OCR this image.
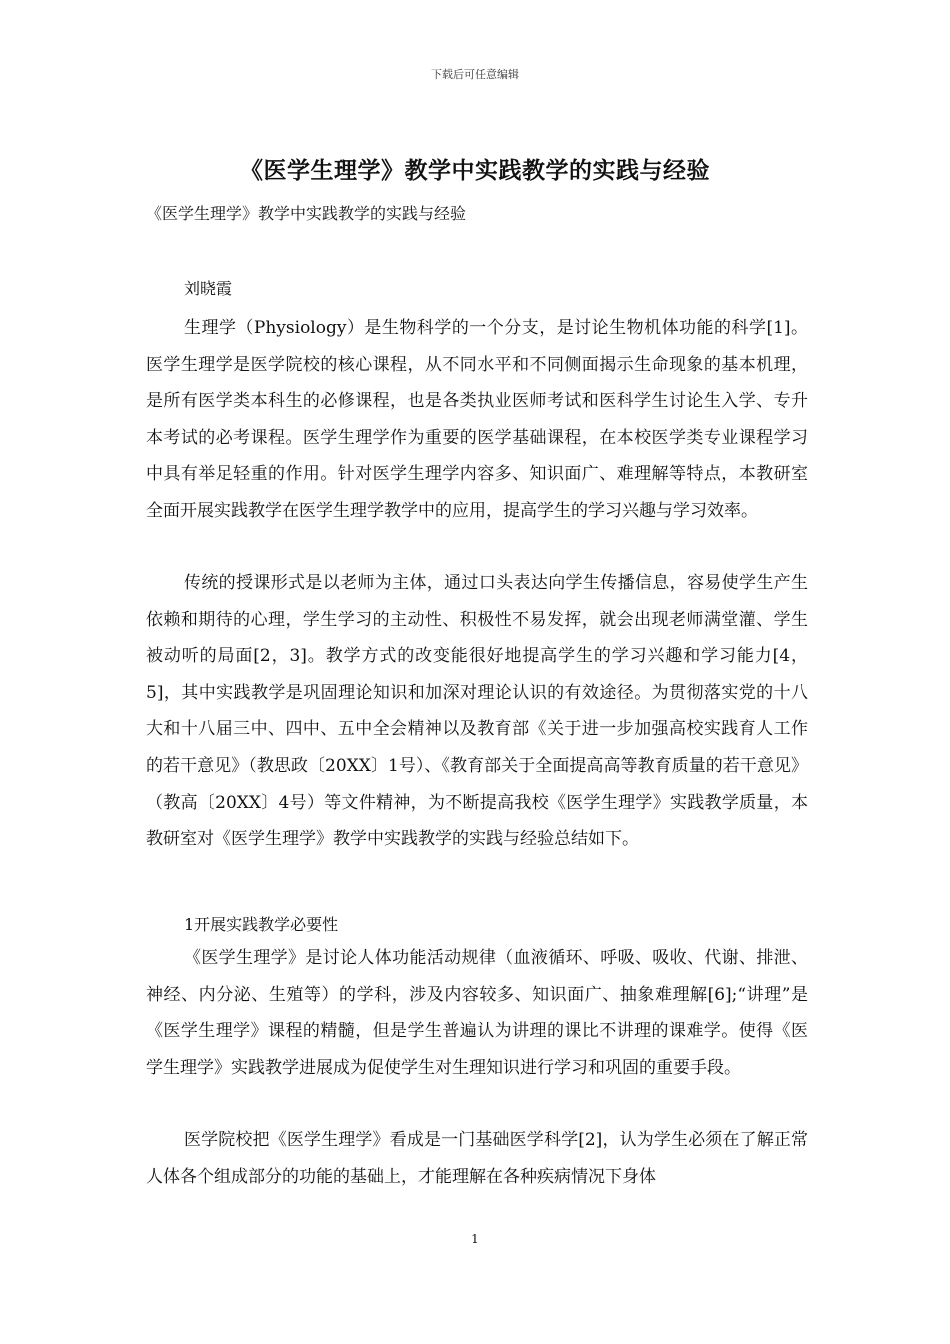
下载后可任意编辑
《医学生理学》教学中实践教学的实践与经验
《医学生理学》教学中实践教学的实践与经验
刘晓霞

生理学（Physiology）是生物科学的一个分支，是讨论生物机体功能的科学[1]。医学生理学是医学院校的核心课程，从不同水平和不同侧面揭示生命现象的基本机理，是所有医学类本科生的必修课程，也是各类执业医师考试和医科学生讨论生入学、专升本考试的必考课程。医学生理学作为重要的医学基础课程，在本校医学类专业课程学习中具有举足轻重的作用。针对医学生理学内容多、知识面广、难理解等特点，本教研室全面开展实践教学在医学生理学教学中的应用，提高学生的学习兴趣与学习效率。

传统的授课形式是以老师为主体，通过口头表达向学生传播信息，容易使学生产生依赖和期待的心理，学生学习的主动性、积极性不易发挥，就会出现老师满堂灌、学生被动听的局面[2，3]。教学方式的改变能很好地提高学生的学习兴趣和学习能力[4，5]，其中实践教学是巩固理论知识和加深对理论认识的有效途径。为贯彻落实党的十八大和十八届三中、四中、五中全会精神以及教育部《关于进一步加强高校实践育人工作的若干意见》（教思政〔20XX〕1号）、《教育部关于全面提高高等教育质量的若干意见》（教高〔20XX〕4号）等文件精神，为不断提高我校《医学生理学》实践教学质量，本教研室对《医学生理学》教学中实践教学的实践与经验总结如下。

1开展实践教学必要性

《医学生理学》是讨论人体功能活动规律（血液循环、呼吸、吸收、代谢、排泄、神经、内分泌、生殖等）的学科，涉及内容较多、知识面广、抽象难理解[6];“讲理”是《医学生理学》课程的精髓，但是学生普遍认为讲理的课比不讲理的课难学。使得《医学生理学》实践教学进展成为促使学生对生理知识进行学习和巩固的重要手段。

医学院校把《医学生理学》看成是一门基础医学科学[2]，认为学生必须在了解正常人体各个组成部分的功能的基础上，才能理解在各种疾病情况下身体

1
